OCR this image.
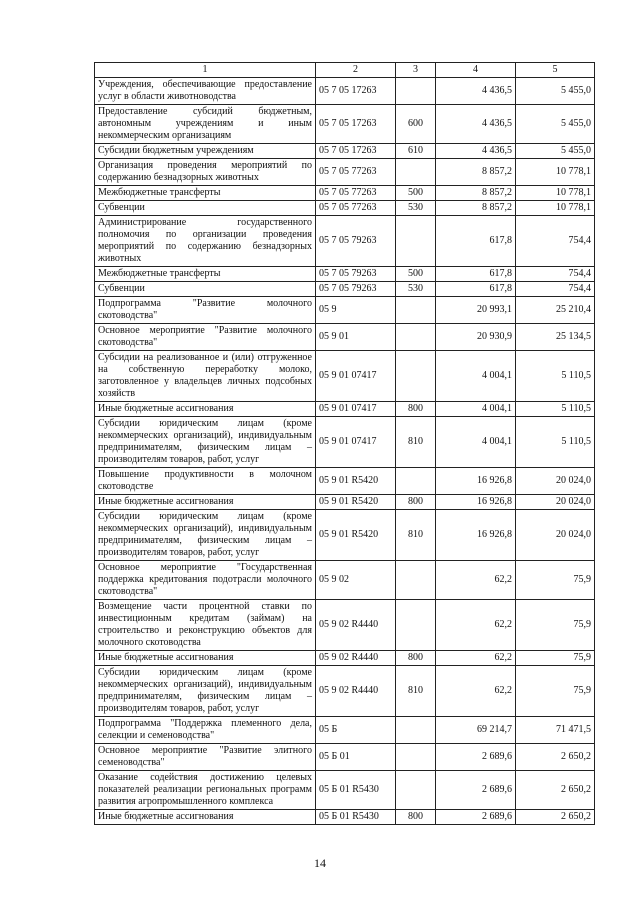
1	2	3	4	5
Учреждения, обеспечивающие предоставление услуг в области животноводства	05 7 05 17263		4 436,5	5 455,0
Предоставление субсидий бюджетным, автономным учреждениям и иным некоммерческим организациям	05 7 05 17263	600	4 436,5	5 455,0
Субсидии бюджетным учреждениям	05 7 05 17263	610	4 436,5	5 455,0
Организация проведения мероприятий по содержанию безнадзорных животных	05 7 05 77263		8 857,2	10 778,1
Межбюджетные трансферты	05 7 05 77263	500	8 857,2	10 778,1
Субвенции	05 7 05 77263	530	8 857,2	10 778,1
Администрирование государственного полномочия по организации проведения мероприятий по содержанию безнадзорных животных	05 7 05 79263		617,8	754,4
Межбюджетные трансферты	05 7 05 79263	500	617,8	754,4
Субвенции	05 7 05 79263	530	617,8	754,4
Подпрограмма "Развитие молочного скотоводства"	05 9		20 993,1	25 210,4
Основное мероприятие "Развитие молочного скотоводства"	05 9 01		20 930,9	25 134,5
Субсидии на реализованное и (или) отгруженное на собственную переработку молоко, заготовленное у владельцев личных подсобных хозяйств	05 9 01 07417		4 004,1	5 110,5
Иные бюджетные ассигнования	05 9 01 07417	800	4 004,1	5 110,5
Субсидии юридическим лицам (кроме некоммерческих организаций), индивидуальным предпринимателям, физическим лицам – производителям товаров, работ, услуг	05 9 01 07417	810	4 004,1	5 110,5
Повышение продуктивности в молочном скотоводстве	05 9 01 R5420		16 926,8	20 024,0
Иные бюджетные ассигнования	05 9 01 R5420	800	16 926,8	20 024,0
Субсидии юридическим лицам (кроме некоммерческих организаций), индивидуальным предпринимателям, физическим лицам – производителям товаров, работ, услуг	05 9 01 R5420	810	16 926,8	20 024,0
Основное мероприятие "Государственная поддержка кредитования подотрасли молочного скотоводства"	05 9 02		62,2	75,9
Возмещение части процентной ставки по инвестиционным кредитам (займам) на строительство и реконструкцию объектов для молочного скотоводства	05 9 02 R4440		62,2	75,9
Иные бюджетные ассигнования	05 9 02 R4440	800	62,2	75,9
Субсидии юридическим лицам (кроме некоммерческих организаций), индивидуальным предпринимателям, физическим лицам – производителям товаров, работ, услуг	05 9 02 R4440	810	62,2	75,9
Подпрограмма "Поддержка племенного дела, селекции и семеноводства"	05 Б		69 214,7	71 471,5
Основное мероприятие "Развитие элитного семеноводства"	05 Б 01		2 689,6	2 650,2
Оказание содействия достижению целевых показателей реализации региональных программ развития агропромышленного комплекса	05 Б 01 R5430		2 689,6	2 650,2
Иные бюджетные ассигнования	05 Б 01 R5430	800	2 689,6	2 650,2
14
